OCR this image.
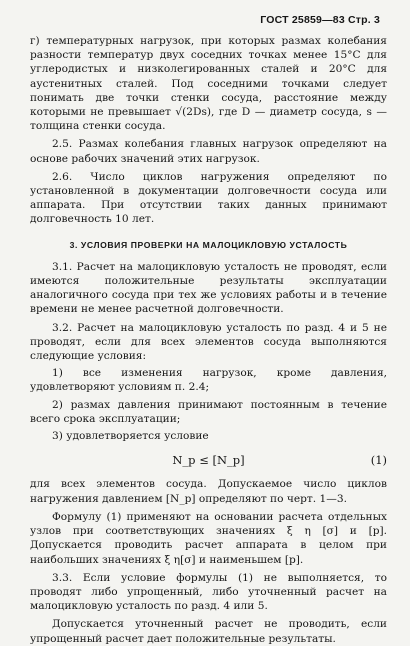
ГОСТ 25859—83 Стр. 3

г) температурных нагрузок, при которых размах колебания разности температур двух соседних точках менее 15°С для углеродистых и низколегированных сталей и 20°С для аустенитных сталей. Под соседними точками следует понимать две точки стенки сосуда, расстояние между которыми не превышает √(2Ds), где D — диаметр сосуда, s — толщина стенки сосуда.

2.5. Размах колебания главных нагрузок определяют на основе рабочих значений этих нагрузок.

2.6. Число циклов нагружения определяют по установленной в документации долговечности сосуда или аппарата. При отсутствии таких данных принимают долговечность 10 лет.

3. УСЛОВИЯ ПРОВЕРКИ НА МАЛОЦИКЛОВУЮ УСТАЛОСТЬ

3.1. Расчет на малоцикловую усталость не проводят, если имеются положительные результаты эксплуатации аналогичного сосуда при тех же условиях работы и в течение времени не менее расчетной долговечности.

3.2. Расчет на малоцикловую усталость по разд. 4 и 5 не проводят, если для всех элементов сосуда выполняются следующие условия:

1) все изменения нагрузок, кроме давления, удовлетворяют условиям п. 2.4;

2) размах давления принимают постоянным в течение всего срока эксплуатации;

3) удовлетворяется условие

N_p ≤ [N_p]	(1)

для всех элементов сосуда. Допускаемое число циклов нагружения давлением [N_p] определяют по черт. 1—3.

Формулу (1) применяют на основании расчета отдельных узлов при соответствующих значениях ξ η [σ] и [p]. Допускается проводить расчет аппарата в целом при наибольших значениях ξ η[σ] и наименьшем [p].

3.3. Если условие формулы (1) не выполняется, то проводят либо упрощенный, либо уточненный расчет на малоцикловую усталость по разд. 4 или 5.

Допускается уточненный расчет не проводить, если упрощенный расчет дает положительные результаты.
